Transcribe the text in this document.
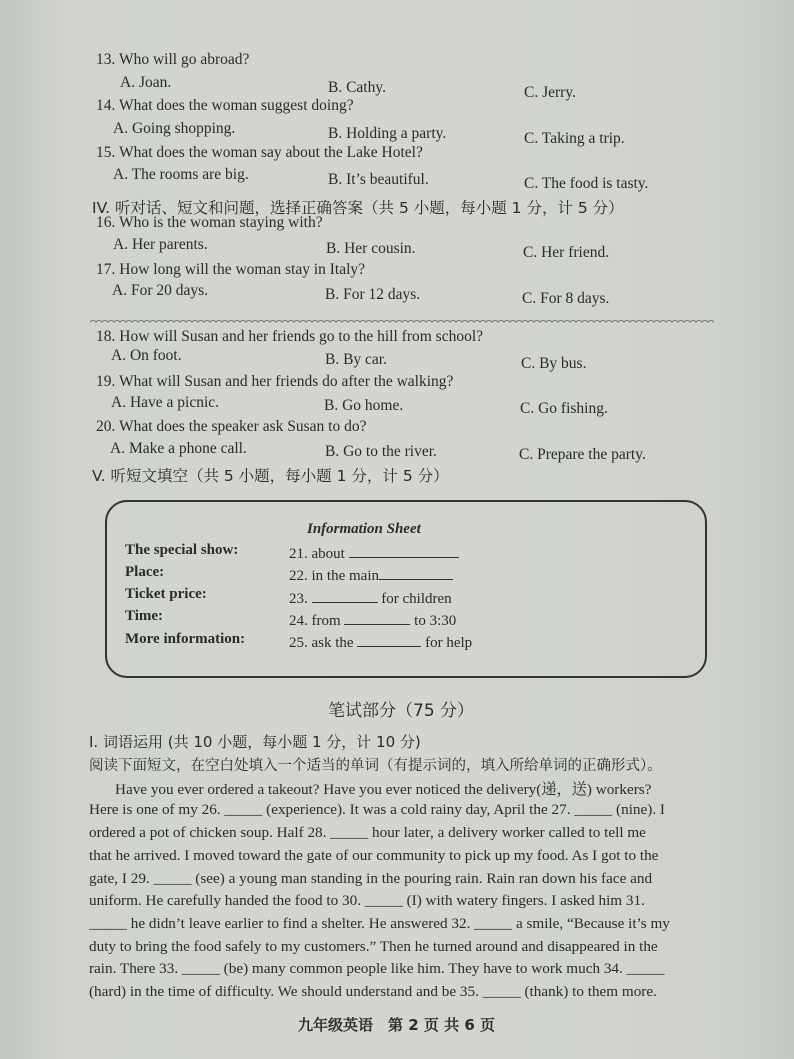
13. Who will go abroad?
A. Joan.	B. Cathy.	C. Jerry.
14. What does the woman suggest doing?
A. Going shopping.	B. Holding a party.	C. Taking a trip.
15. What does the woman say about the Lake Hotel?
A. The rooms are big.	B. It’s beautiful.	C. The food is tasty.
IV. 听对话、短文和问题，选择正确答案（共 5 小题，每小题 1 分，计 5 分）
16. Who is the woman staying with?
A. Her parents.	B. Her cousin.	C. Her friend.
17. How long will the woman stay in Italy?
A. For 20 days.	B. For 12 days.	C. For 8 days.
18. How will Susan and her friends go to the hill from school?
A. On foot.	B. By car.	C. By bus.
19. What will Susan and her friends do after the walking?
A. Have a picnic.	B. Go home.	C. Go fishing.
20. What does the speaker ask Susan to do?
A. Make a phone call.	B. Go to the river.	C. Prepare the party.
V. 听短文填空（共 5 小题，每小题 1 分，计 5 分）
Information Sheet
The special show:	21. about
Place:	22. in the main
Ticket price:	23.	for children
Time:	24. from	to 3:30
More information:	25. ask the	for help
笔试部分（75 分）
I. 词语运用 (共 10 小题，每小题 1 分，计 10 分)
阅读下面短文，在空白处填入一个适当的单词（有提示词的，填入所给单词的正确形式）。
Have you ever ordered a takeout? Have you ever noticed the delivery(递，送) workers?
Here is one of my 26. _____ (experience). It was a cold rainy day, April the 27. _____ (nine). I
ordered a pot of chicken soup. Half 28. _____ hour later, a delivery worker called to tell me
that he arrived. I moved toward the gate of our community to pick up my food. As I got to the
gate, I 29. _____ (see) a young man standing in the pouring rain. Rain ran down his face and
uniform. He carefully handed the food to 30. _____ (I) with watery fingers. I asked him 31.
_____ he didn’t leave earlier to find a shelter. He answered 32. _____ a smile, “Because it’s my
duty to bring the food safely to my customers.” Then he turned around and disappeared in the
rain. There 33. _____ (be) many common people like him. They have to work much 34. _____
(hard) in the time of difficulty. We should understand and be 35. _____ (thank) to them more.
九年级英语　第 2 页 共 6 页
